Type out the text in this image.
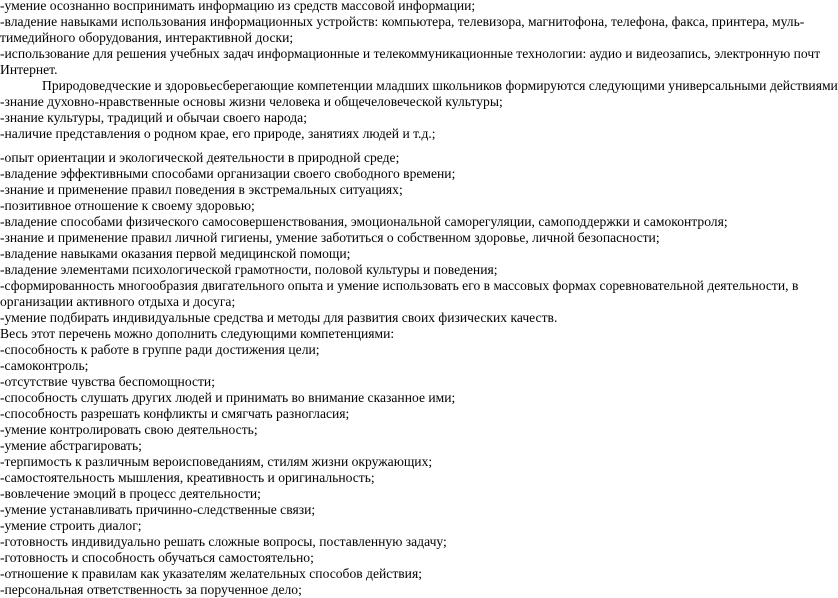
-умение осознанно воспринимать информацию из средств массовой информации;
-владение навыками использования информационных устройств: компьютера, телевизора, магнитофона, телефона, факса, принтера, муль-
тимедийного оборудования, интерактивной доски;
-использование для решения учебных задач информационные и телекоммуникационные технологии: аудио и видеозапись, электронную почт
Интернет.
Природоведческие и здоровьесберегающие компетенции младших школьников формируются следующими универсальными действиями
-знание духовно-нравственные основы жизни человека и общечеловеческой культуры;
-знание культуры, традиций и обычаи своего народа;
-наличие представления о родном крае, его природе, занятиях людей и т.д.;
-опыт ориентации и экологической деятельности в природной среде;
-владение эффективными способами организации своего свободного времени;
-знание и применение правил поведения в экстремальных ситуациях;
-позитивное отношение к своему здоровью;
-владение способами физического самосовершенствования, эмоциональной саморегуляции, самоподдержки и самоконтроля;
-знание и применение правил личной гигиены, умение заботиться о собственном здоровье, личной безопасности;
-владение навыками оказания первой медицинской помощи;
-владение элементами психологической грамотности, половой культуры и поведения;
-сформированность многообразия двигательного опыта и умение использовать его в массовых формах соревновательной деятельности, в
организации активного отдыха и досуга;
-умение подбирать индивидуальные средства и методы для развития своих физических качеств.
Весь этот перечень можно дополнить следующими компетенциями:
-способность к работе в группе ради достижения цели;
-самоконтроль;
-отсутствие чувства беспомощности;
-способность слушать других людей и принимать во внимание сказанное ими;
-способность разрешать конфликты и смягчать разногласия;
-умение контролировать свою деятельность;
-умение абстрагировать;
-терпимость к различным вероисповеданиям, стилям жизни окружающих;
-самостоятельность мышления, креативность и оригинальность;
-вовлечение эмоций в процесс деятельности;
-умение устанавливать причинно-следственные связи;
-умение строить диалог;
-готовность индивидуально решать сложные вопросы, поставленную задачу;
-готовность и способность обучаться самостоятельно;
-отношение к правилам как указателям желательных способов действия;
-персональная ответственность за порученное дело;
